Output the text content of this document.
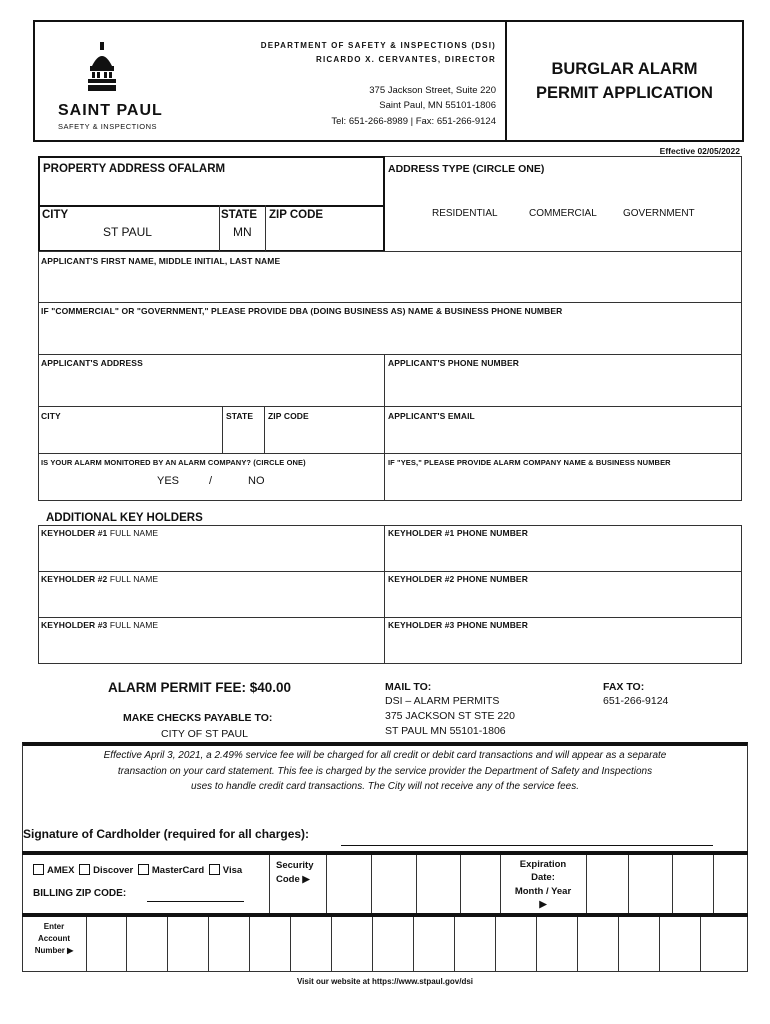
SAINT PAUL
SAFETY & INSPECTIONS
DEPARTMENT OF SAFETY & INSPECTIONS (DSI)
RICARDO X. CERVANTES, DIRECTOR
375 Jackson Street, Suite 220
Saint Paul, MN 55101-1806
Tel: 651-266-8989 | Fax: 651-266-9124
BURGLAR ALARM
PERMIT APPLICATION
Effective 02/05/2022
PROPERTY ADDRESS OFALARM
CITY
ST PAUL
STATE
MN
ZIP CODE
ADDRESS TYPE (CIRCLE ONE)
RESIDENTIAL	COMMERCIAL	GOVERNMENT
APPLICANT'S FIRST NAME, MIDDLE INITIAL, LAST NAME
IF "COMMERCIAL" OR "GOVERNMENT," PLEASE PROVIDE DBA (DOING BUSINESS AS) NAME & BUSINESS PHONE NUMBER
APPLICANT'S ADDRESS	APPLICANT'S PHONE NUMBER
CITY	STATE ZIP CODE	APPLICANT'S EMAIL
IS YOUR ALARM MONITORED BY AN ALARM COMPANY? (CIRCLE ONE)
YES	/	NO
IF "YES," PLEASE PROVIDE ALARM COMPANY NAME & BUSINESS NUMBER
ADDITIONAL KEY HOLDERS
KEYHOLDER #1 FULL NAME	KEYHOLDER #1 PHONE NUMBER
KEYHOLDER #2 FULL NAME	KEYHOLDER #2 PHONE NUMBER
KEYHOLDER #3 FULL NAME	KEYHOLDER #3 PHONE NUMBER
ALARM PERMIT FEE: $40.00
MAKE CHECKS PAYABLE TO:
CITY OF ST PAUL
MAIL TO:
DSI – ALARM PERMITS
375 JACKSON ST STE 220
ST PAUL MN 55101-1806
FAX TO:
651-266-9124
Effective April 3, 2021, a 2.49% service fee will be charged for all credit or debit card transactions and will appear as a separate
transaction on your card statement. This fee is charged by the service provider the Department of Safety and Inspections
uses to handle credit card transactions. The City will not receive any of the service fees.
Signature of Cardholder (required for all charges):
AMEX Discover MasterCard Visa
BILLING ZIP CODE:
Security
Code ▶
Expiration
Date:
Month / Year
▶
Enter
Account
Number ▶
Visit our website at https://www.stpaul.gov/dsi
